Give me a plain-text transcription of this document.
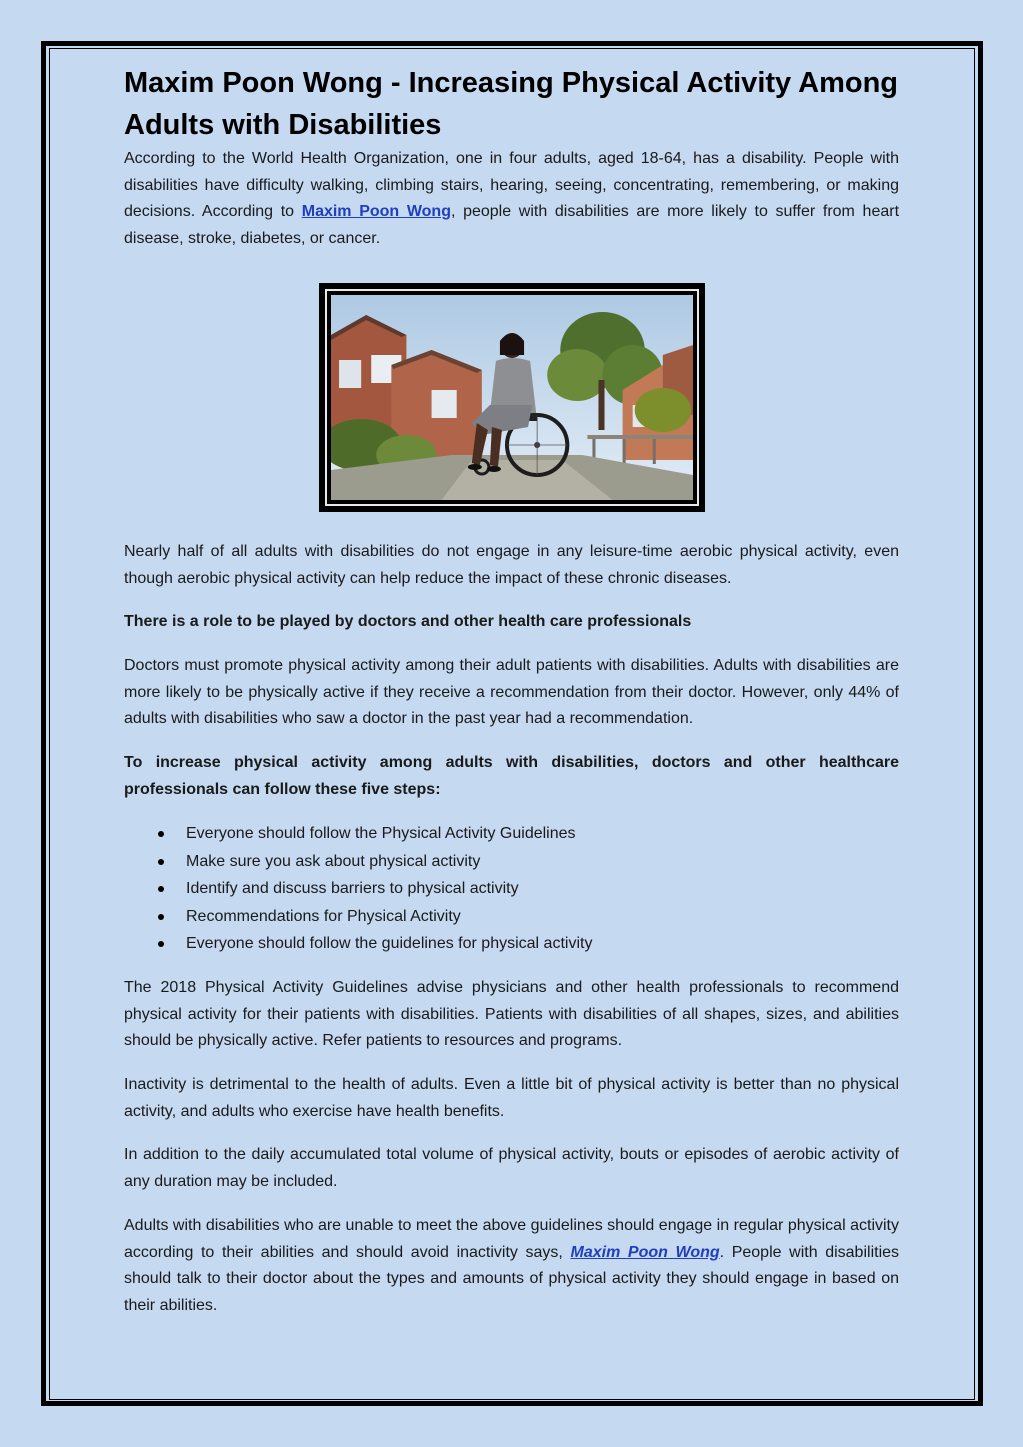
Maxim Poon Wong - Increasing Physical Activity Among Adults with Disabilities

According to the World Health Organization, one in four adults, aged 18-64, has a disability. People with disabilities have difficulty walking, climbing stairs, hearing, seeing, concentrating, remembering, or making decisions. According to Maxim Poon Wong, people with disabilities are more likely to suffer from heart disease, stroke, diabetes, or cancer.

Nearly half of all adults with disabilities do not engage in any leisure-time aerobic physical activity, even though aerobic physical activity can help reduce the impact of these chronic diseases.

There is a role to be played by doctors and other health care professionals

Doctors must promote physical activity among their adult patients with disabilities. Adults with disabilities are more likely to be physically active if they receive a recommendation from their doctor. However, only 44% of adults with disabilities who saw a doctor in the past year had a recommendation.

To increase physical activity among adults with disabilities, doctors and other healthcare professionals can follow these five steps:

Everyone should follow the Physical Activity Guidelines
Make sure you ask about physical activity
Identify and discuss barriers to physical activity
Recommendations for Physical Activity
Everyone should follow the guidelines for physical activity

The 2018 Physical Activity Guidelines advise physicians and other health professionals to recommend physical activity for their patients with disabilities. Patients with disabilities of all shapes, sizes, and abilities should be physically active. Refer patients to resources and programs.

Inactivity is detrimental to the health of adults. Even a little bit of physical activity is better than no physical activity, and adults who exercise have health benefits.

In addition to the daily accumulated total volume of physical activity, bouts or episodes of aerobic activity of any duration may be included.

Adults with disabilities who are unable to meet the above guidelines should engage in regular physical activity according to their abilities and should avoid inactivity says, Maxim Poon Wong. People with disabilities should talk to their doctor about the types and amounts of physical activity they should engage in based on their abilities.
